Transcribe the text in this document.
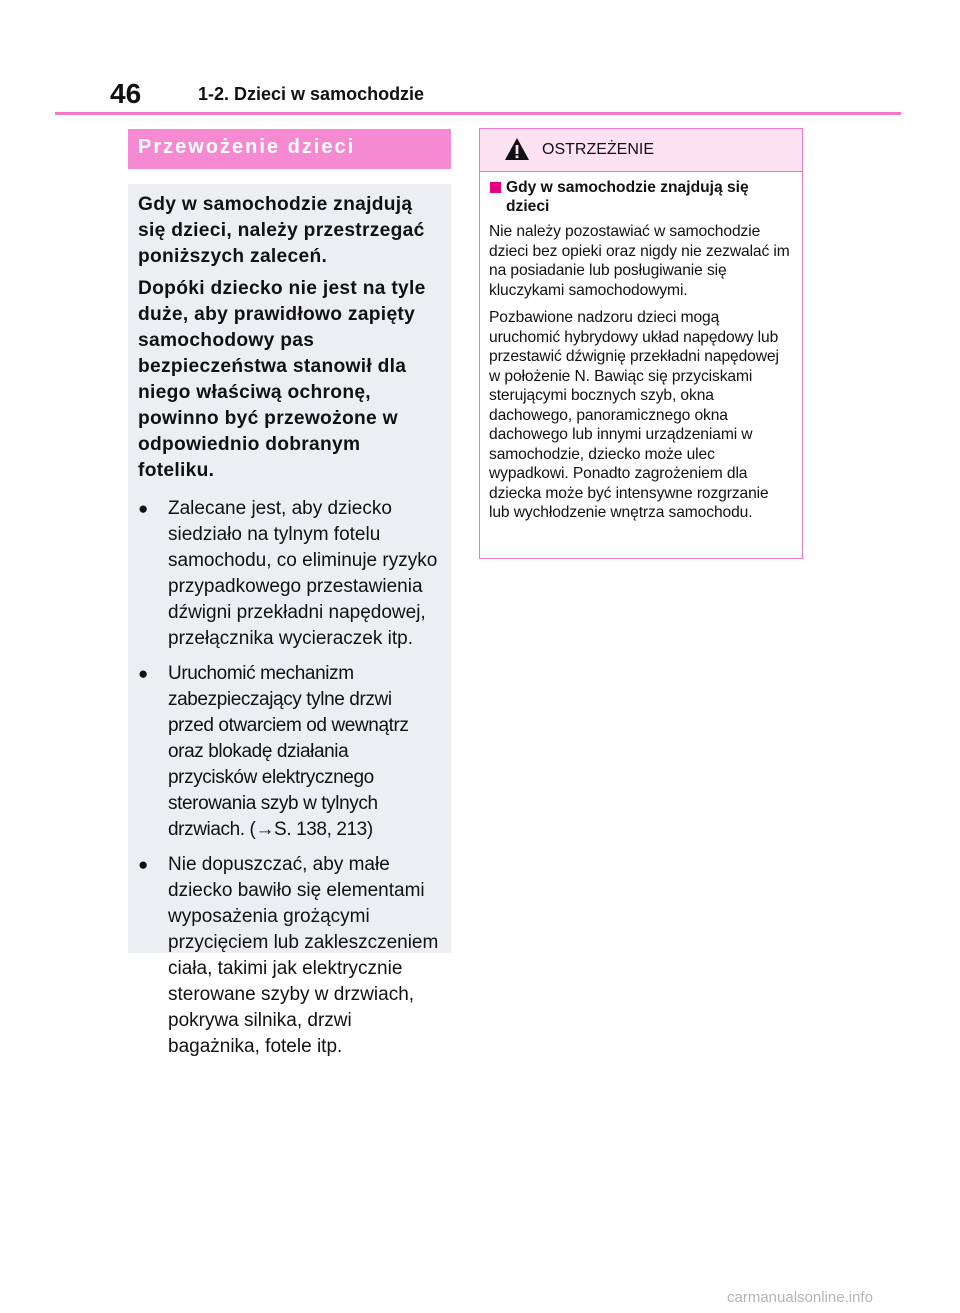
46	1-2. Dzieci w samochodzie
Przewożenie dzieci

Gdy w samochodzie znajdują się dzieci, należy przestrzegać poniższych zaleceń.

Dopóki dziecko nie jest na tyle duże, aby prawidłowo zapięty samochodowy pas bezpieczeństwa stanowił dla niego właściwą ochronę, powinno być przewożone w odpowiednio dobranym foteliku.

●	Zalecane jest, aby dziecko siedziało na tylnym fotelu samochodu, co eliminuje ryzyko przypadkowego przestawienia dźwigni przekładni napędowej, przełącznika wycieraczek itp.
●	Uruchomić mechanizm zabezpieczający tylne drzwi przed otwarciem od wewnątrz oraz blokadę działania przycisków elektrycznego sterowania szyb w tylnych drzwiach. (→S. 138, 213)
●	Nie dopuszczać, aby małe dziecko bawiło się elementami wyposażenia grożącymi przycięciem lub zakleszczeniem ciała, takimi jak elektrycznie sterowane szyby w drzwiach, pokrywa silnika, drzwi bagażnika, fotele itp.
OSTRZEŻENIE
Gdy w samochodzie znajdują się dzieci

Nie należy pozostawiać w samochodzie dzieci bez opieki oraz nigdy nie zezwalać im na posiadanie lub posługiwanie się kluczykami samochodowymi.

Pozbawione nadzoru dzieci mogą uruchomić hybrydowy układ napędowy lub przestawić dźwignię przekładni napędowej w położenie N. Bawiąc się przyciskami sterującymi bocznych szyb, okna dachowego, panoramicznego okna dachowego lub innymi urządzeniami w samochodzie, dziecko może ulec wypadkowi. Ponadto zagrożeniem dla dziecka może być intensywne rozgrzanie lub wychłodzenie wnętrza samochodu.

carmanualsonline.info
